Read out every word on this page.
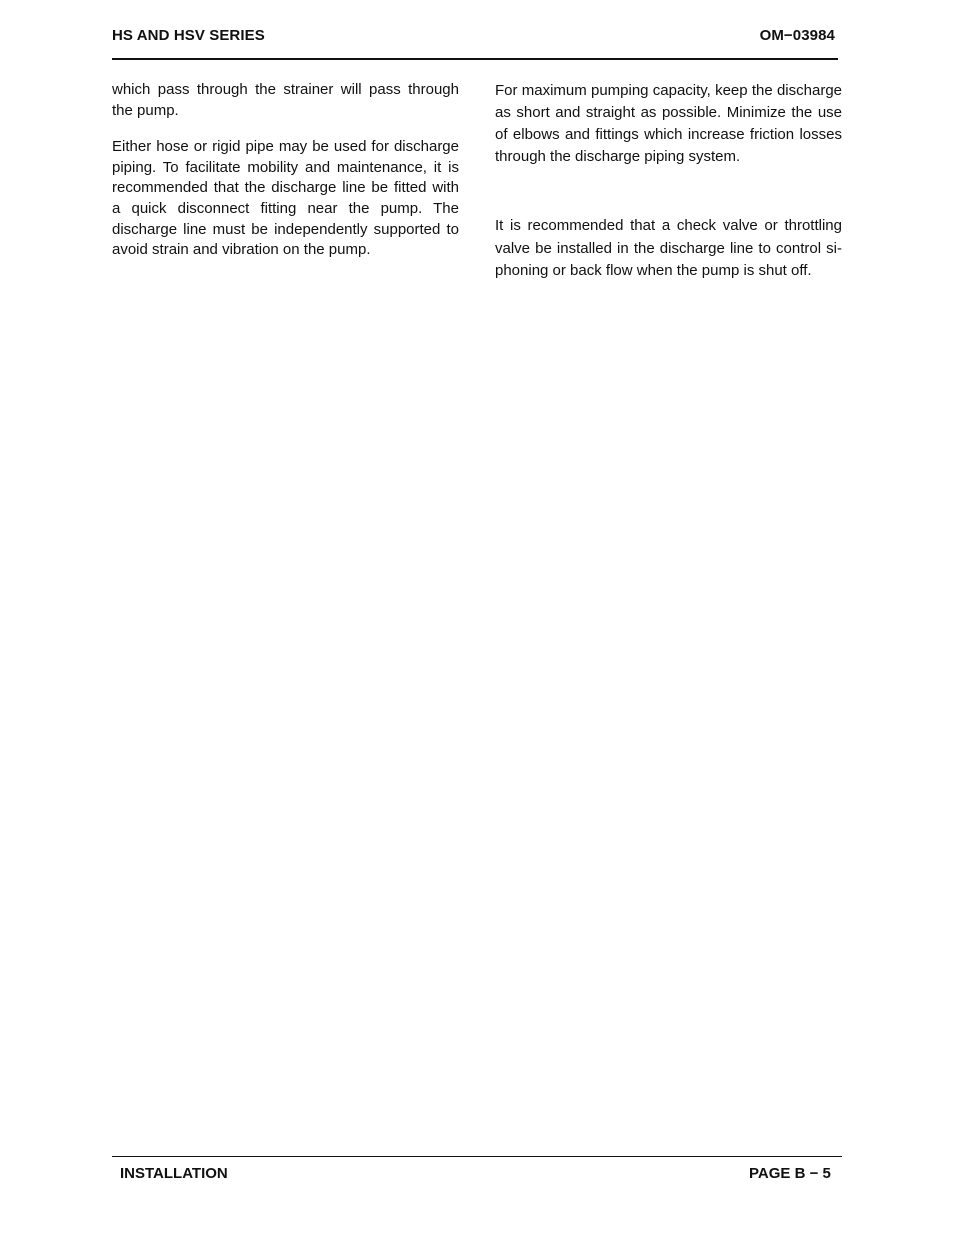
HS AND HSV SERIES	OM−03984

which pass through the strainer will pass through the pump.

Either hose or rigid pipe may be used for discharge piping. To facilitate mobility and maintenance, it is recommended that the discharge line be fitted with a quick disconnect fitting near the pump. The discharge line must be independently supported to avoid strain and vibration on the pump.

For maximum pumping capacity, keep the discharge as short and straight as possible. Minimize the use of elbows and fittings which increase friction losses through the discharge piping system.

It is recommended that a check valve or throttling valve be installed in the discharge line to control siphoning or back flow when the pump is shut off.

INSTALLATION	PAGE B − 5
